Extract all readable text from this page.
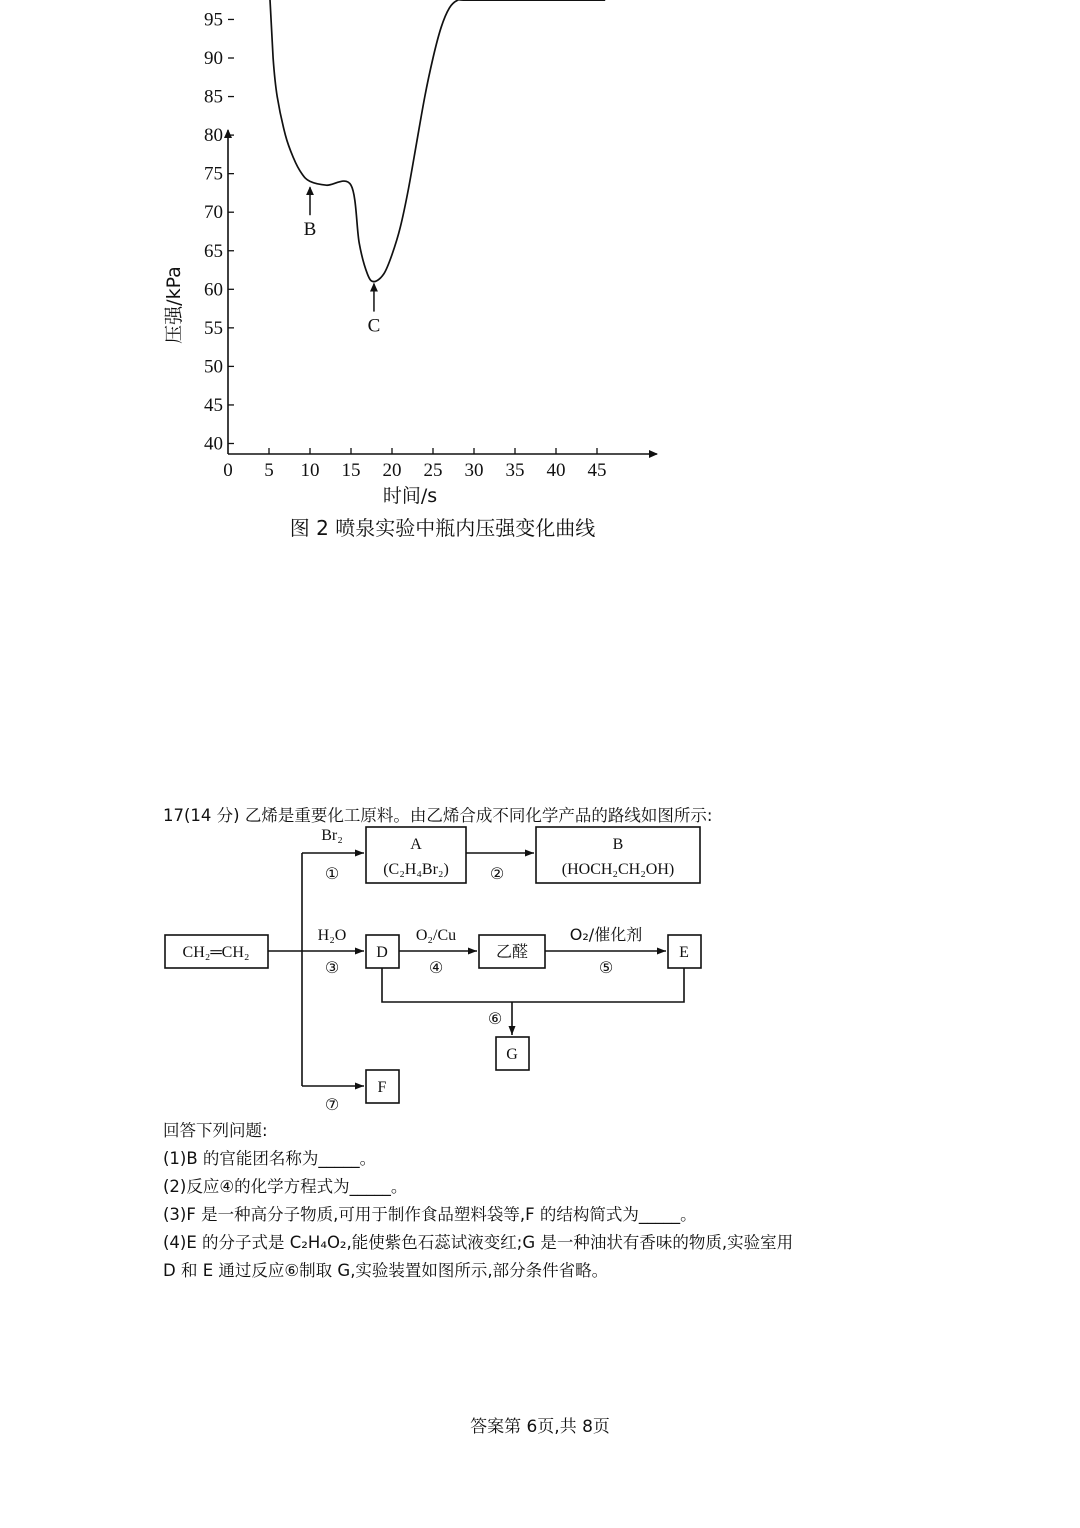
40
45
50
55
60
65
70
75
80
85
90
95
0 5 10 15 20 25 30 35 40 45
B
C
时间/s
压强/kPa
图 2 喷泉实验中瓶内压强变化曲线
17(14 分) 乙烯是重要化工原料。由乙烯合成不同化学产品的路线如图所示:
CH₂═CH₂
A
(C₂H₄Br₂)
B
(HOCH₂CH₂OH)
D	乙醛	E
G
F
Br₂
H₂O	O₂/Cu	O₂/催化剂
①	②
③	④	⑤
⑥
⑦
回答下列问题:
(1)B 的官能团名称为_____。
(2)反应④的化学方程式为_____。
(3)F 是一种高分子物质,可用于制作食品塑料袋等,F 的结构简式为_____。
(4)E 的分子式是 C₂H₄O₂,能使紫色石蕊试液变红;G 是一种油状有香味的物质,实验室用
D 和 E 通过反应⑥制取 G,实验装置如图所示,部分条件省略。
答案第 6页,共 8页
